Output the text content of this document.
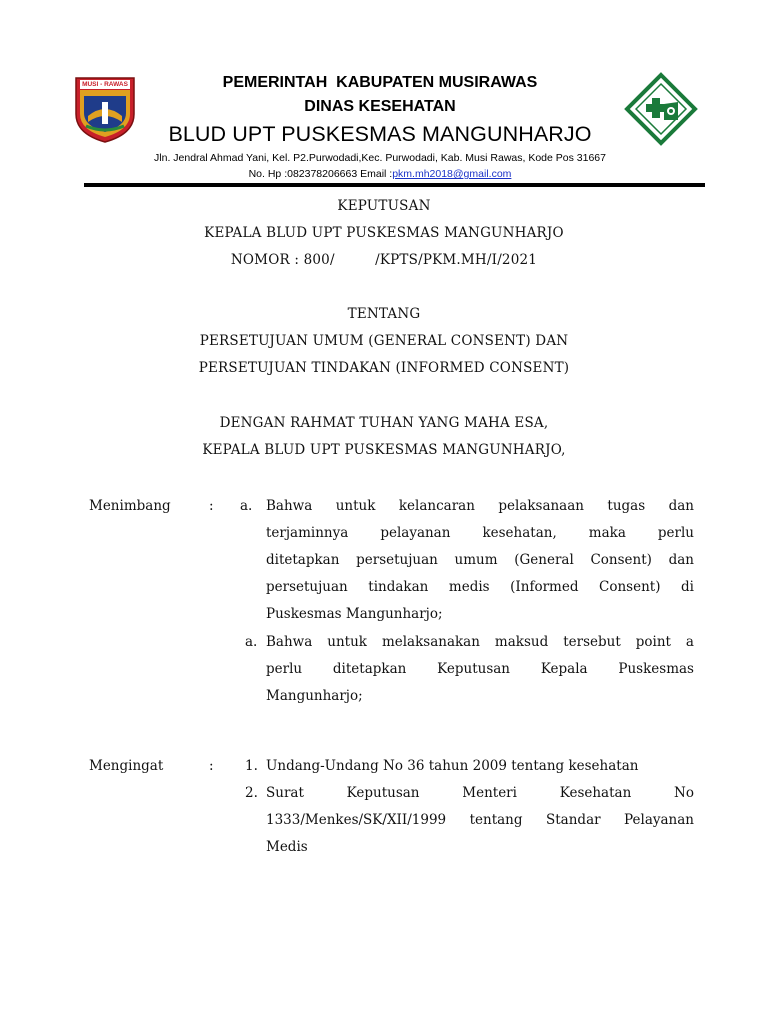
MUSI - RAWAS	PEMERINTAH  KABUPATEN MUSIRAWAS
DINAS KESEHATAN
BLUD UPT PUSKESMAS MANGUNHARJO
Jln. Jendral Ahmad Yani, Kel. P2.Purwodadi,Kec. Purwodadi, Kab. Musi Rawas, Kode Pos 31667
No. Hp :082378206663 Email :pkm.mh2018@gmail.com
KEPUTUSAN
KEPALA BLUD UPT PUSKESMAS MANGUNHARJO
NOMOR : 800/         /KPTS/PKM.MH/I/2021
TENTANG
PERSETUJUAN UMUM (GENERAL CONSENT) DAN
PERSETUJUAN TINDAKAN (INFORMED CONSENT)
DENGAN RAHMAT TUHAN YANG MAHA ESA,
KEPALA BLUD UPT PUSKESMAS MANGUNHARJO,
Menimbang	: a. Bahwa untuk kelancaran pelaksanaan tugas dan
terjaminnya pelayanan kesehatan, maka perlu
ditetapkan persetujuan umum (General Consent) dan
persetujuan tindakan medis (Informed Consent) di
Puskesmas Mangunharjo;
a. Bahwa untuk melaksanakan maksud tersebut point a
perlu ditetapkan Keputusan Kepala Puskesmas
Mangunharjo;
Mengingat	: 1. Undang-Undang No 36 tahun 2009 tentang kesehatan
2. Surat Keputusan Menteri Kesehatan No
1333/Menkes/SK/XII/1999 tentang Standar Pelayanan
Medis
